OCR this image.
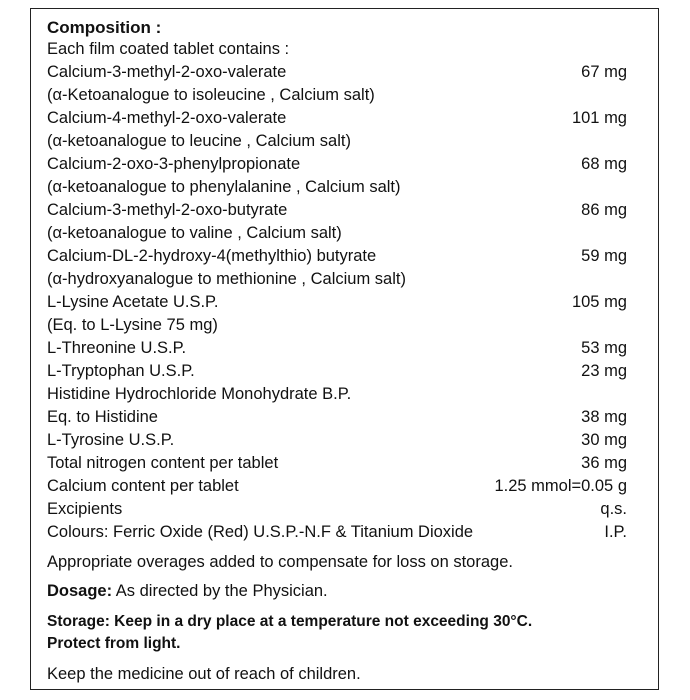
Composition :
Each film coated tablet contains :
Calcium-3-methyl-2-oxo-valerate	67 mg
(α-Ketoanalogue to isoleucine , Calcium salt)
Calcium-4-methyl-2-oxo-valerate	101 mg
(α-ketoanalogue to leucine , Calcium salt)
Calcium-2-oxo-3-phenylpropionate	68 mg
(α-ketoanalogue to phenylalanine , Calcium salt)
Calcium-3-methyl-2-oxo-butyrate	86 mg
(α-ketoanalogue to valine , Calcium salt)
Calcium-DL-2-hydroxy-4(methylthio) butyrate	59 mg
(α-hydroxyanalogue to methionine , Calcium salt)
L-Lysine Acetate U.S.P.	105 mg
(Eq. to L-Lysine 75 mg)
L-Threonine U.S.P.	53 mg
L-Tryptophan U.S.P.	23 mg
Histidine Hydrochloride Monohydrate B.P.
Eq. to Histidine	38 mg
L-Tyrosine U.S.P.	30 mg
Total nitrogen content per tablet	36 mg
Calcium content per tablet	1.25 mmol=0.05 g
Excipients	q.s.
Colours: Ferric Oxide (Red) U.S.P.-N.F & Titanium Dioxide	I.P.
Appropriate overages added to compensate for loss on storage.
Dosage: As directed by the Physician.
Storage: Keep in a dry place at a temperature not exceeding 30°C.
Protect from light.
Keep the medicine out of reach of children.
